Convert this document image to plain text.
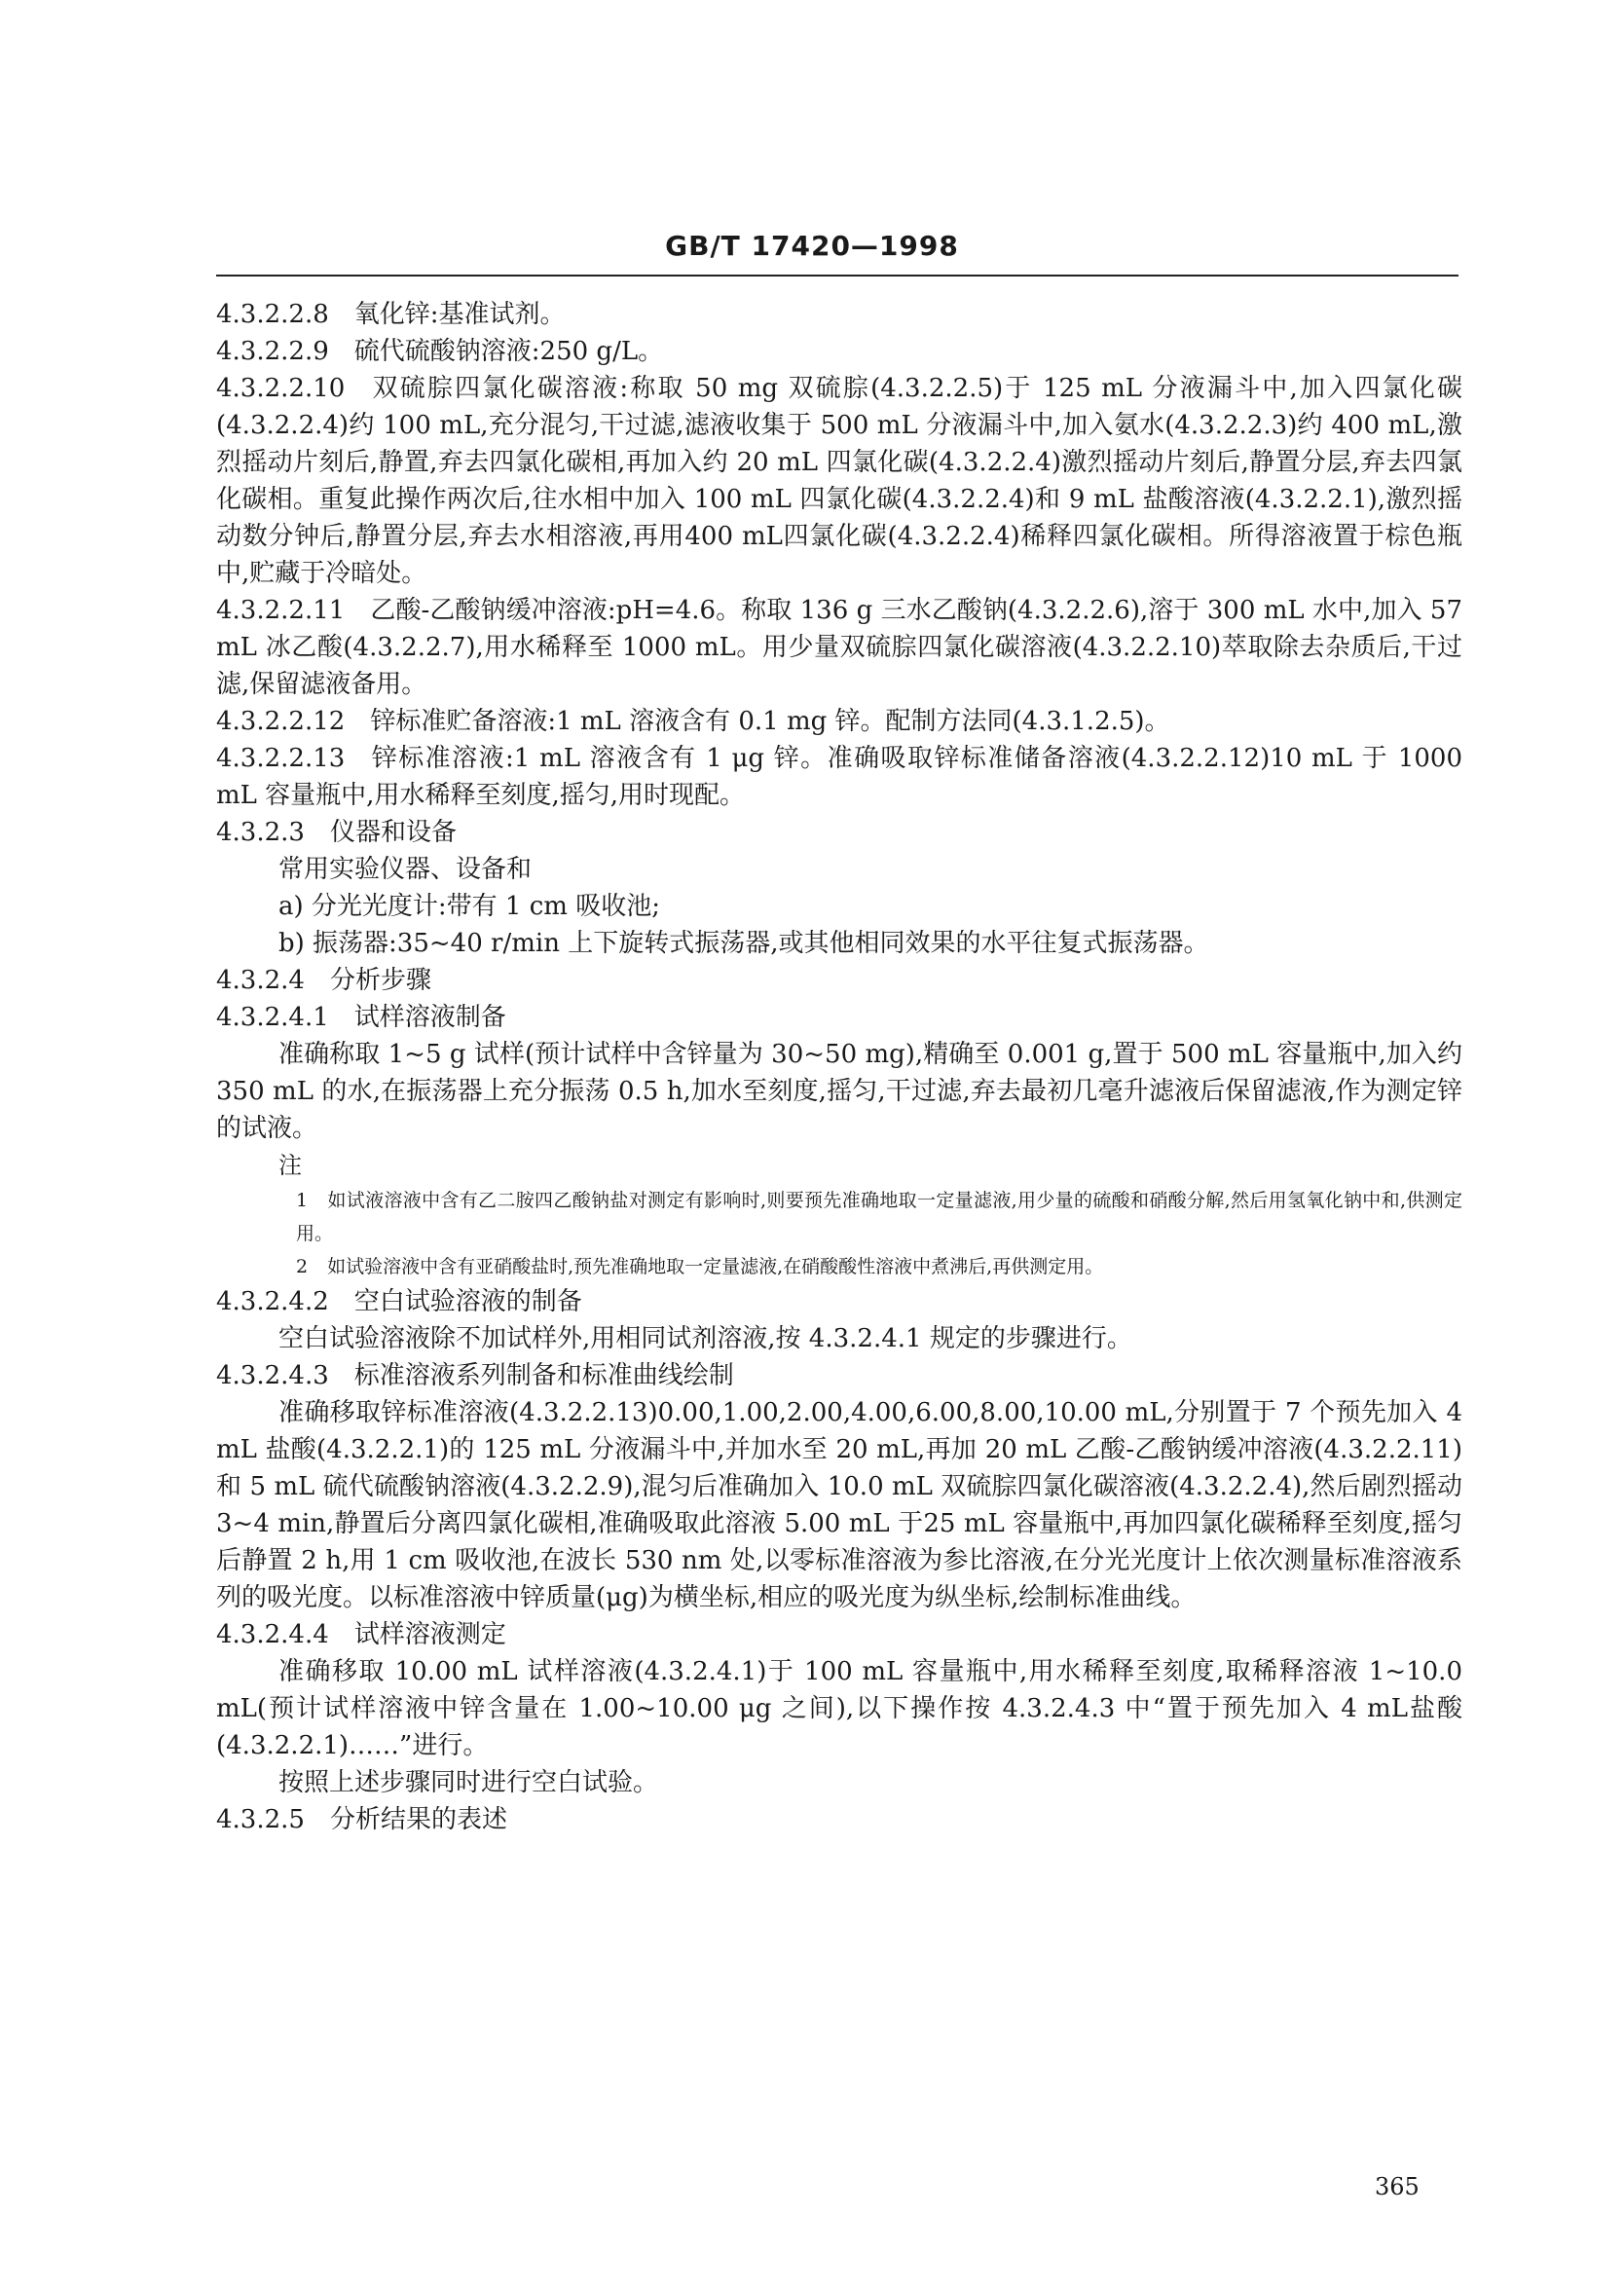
GB/T 17420—1998

4.3.2.2.8 氧化锌:基准试剂。

4.3.2.2.9 硫代硫酸钠溶液:250 g/L。

4.3.2.2.10 双硫腙四氯化碳溶液:称取 50 mg 双硫腙(4.3.2.2.5)于 125 mL 分液漏斗中,加入四氯化碳(4.3.2.2.4)约 100 mL,充分混匀,干过滤,滤液收集于 500 mL 分液漏斗中,加入氨水(4.3.2.2.3)约 400 mL,激烈摇动片刻后,静置,弃去四氯化碳相,再加入约 20 mL 四氯化碳(4.3.2.2.4)激烈摇动片刻后,静置分层,弃去四氯化碳相。重复此操作两次后,往水相中加入 100 mL 四氯化碳(4.3.2.2.4)和 9 mL 盐酸溶液(4.3.2.2.1),激烈摇动数分钟后,静置分层,弃去水相溶液,再用400 mL四氯化碳(4.3.2.2.4)稀释四氯化碳相。所得溶液置于棕色瓶中,贮藏于冷暗处。

4.3.2.2.11 乙酸-乙酸钠缓冲溶液:pH=4.6。称取 136 g 三水乙酸钠(4.3.2.2.6),溶于 300 mL 水中,加入 57 mL 冰乙酸(4.3.2.2.7),用水稀释至 1000 mL。用少量双硫腙四氯化碳溶液(4.3.2.2.10)萃取除去杂质后,干过滤,保留滤液备用。

4.3.2.2.12 锌标准贮备溶液:1 mL 溶液含有 0.1 mg 锌。配制方法同(4.3.1.2.5)。

4.3.2.2.13 锌标准溶液:1 mL 溶液含有 1 μg 锌。准确吸取锌标准储备溶液(4.3.2.2.12)10 mL 于 1000 mL 容量瓶中,用水稀释至刻度,摇匀,用时现配。

4.3.2.3 仪器和设备

常用实验仪器、设备和

a) 分光光度计:带有 1 cm 吸收池;

b) 振荡器:35~40 r/min 上下旋转式振荡器,或其他相同效果的水平往复式振荡器。

4.3.2.4 分析步骤

4.3.2.4.1 试样溶液制备

准确称取 1~5 g 试样(预计试样中含锌量为 30~50 mg),精确至 0.001 g,置于 500 mL 容量瓶中,加入约 350 mL 的水,在振荡器上充分振荡 0.5 h,加水至刻度,摇匀,干过滤,弃去最初几毫升滤液后保留滤液,作为测定锌的试液。

注

1 如试液溶液中含有乙二胺四乙酸钠盐对测定有影响时,则要预先准确地取一定量滤液,用少量的硫酸和硝酸分解,然后用氢氧化钠中和,供测定用。

2 如试验溶液中含有亚硝酸盐时,预先准确地取一定量滤液,在硝酸酸性溶液中煮沸后,再供测定用。

4.3.2.4.2 空白试验溶液的制备

空白试验溶液除不加试样外,用相同试剂溶液,按 4.3.2.4.1 规定的步骤进行。

4.3.2.4.3 标准溶液系列制备和标准曲线绘制

准确移取锌标准溶液(4.3.2.2.13)0.00,1.00,2.00,4.00,6.00,8.00,10.00 mL,分别置于 7 个预先加入 4 mL 盐酸(4.3.2.2.1)的 125 mL 分液漏斗中,并加水至 20 mL,再加 20 mL 乙酸-乙酸钠缓冲溶液(4.3.2.2.11)和 5 mL 硫代硫酸钠溶液(4.3.2.2.9),混匀后准确加入 10.0 mL 双硫腙四氯化碳溶液(4.3.2.2.4),然后剧烈摇动 3~4 min,静置后分离四氯化碳相,准确吸取此溶液 5.00 mL 于25 mL 容量瓶中,再加四氯化碳稀释至刻度,摇匀后静置 2 h,用 1 cm 吸收池,在波长 530 nm 处,以零标准溶液为参比溶液,在分光光度计上依次测量标准溶液系列的吸光度。以标准溶液中锌质量(μg)为横坐标,相应的吸光度为纵坐标,绘制标准曲线。

4.3.2.4.4 试样溶液测定

准确移取 10.00 mL 试样溶液(4.3.2.4.1)于 100 mL 容量瓶中,用水稀释至刻度,取稀释溶液 1~10.0 mL(预计试样溶液中锌含量在 1.00~10.00 μg 之间),以下操作按 4.3.2.4.3 中“置于预先加入 4 mL盐酸(4.3.2.2.1)……”进行。

按照上述步骤同时进行空白试验。

4.3.2.5 分析结果的表述

365
